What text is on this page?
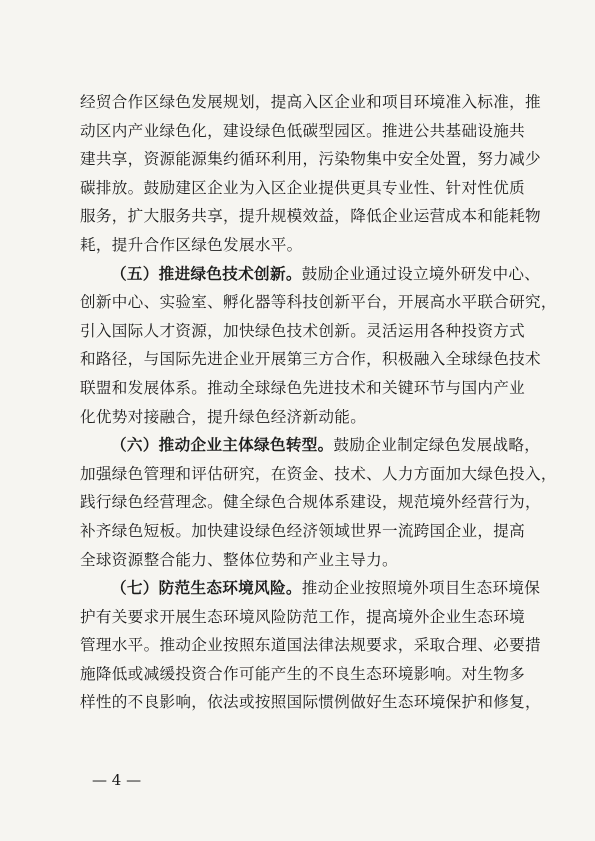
经贸合作区绿色发展规划，提高入区企业和项目环境准入标准，推
动区内产业绿色化，建设绿色低碳型园区。推进公共基础设施共
建共享，资源能源集约循环利用，污染物集中安全处置，努力减少
碳排放。鼓励建区企业为入区企业提供更具专业性、针对性优质
服务，扩大服务共享，提升规模效益，降低企业运营成本和能耗物
耗，提升合作区绿色发展水平。
（五）推进绿色技术创新。鼓励企业通过设立境外研发中心、
创新中心、实验室、孵化器等科技创新平台，开展高水平联合研究，
引入国际人才资源，加快绿色技术创新。灵活运用各种投资方式
和路径，与国际先进企业开展第三方合作，积极融入全球绿色技术
联盟和发展体系。推动全球绿色先进技术和关键环节与国内产业
化优势对接融合，提升绿色经济新动能。
（六）推动企业主体绿色转型。鼓励企业制定绿色发展战略，
加强绿色管理和评估研究，在资金、技术、人力方面加大绿色投入，
践行绿色经营理念。健全绿色合规体系建设，规范境外经营行为，
补齐绿色短板。加快建设绿色经济领域世界一流跨国企业，提高
全球资源整合能力、整体位势和产业主导力。
（七）防范生态环境风险。推动企业按照境外项目生态环境保
护有关要求开展生态环境风险防范工作，提高境外企业生态环境
管理水平。推动企业按照东道国法律法规要求，采取合理、必要措
施降低或减缓投资合作可能产生的不良生态环境影响。对生物多
样性的不良影响，依法或按照国际惯例做好生态环境保护和修复，
— 4 —
